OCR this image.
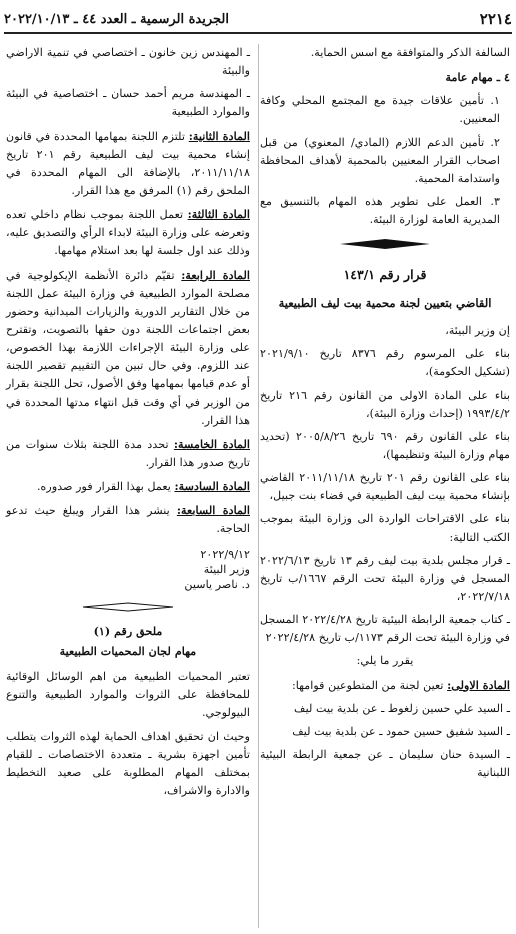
٢٢١٤
الجريدة الرسمية ـ العدد ٤٤ ـ ٢٠٢٢/١٠/١٣

السالفة الذكر والمتوافقة مع اسس الحماية.

٤ ـ مهام عامة

١. تأمين علاقات جيدة مع المجتمع المحلي وكافة المعنيين.

٢. تأمين الدعم اللازم (المادي/ المعنوي) من قبل اصحاب القرار المعنيين بالمحمية لأهداف المحافظة واستدامة المحمية.

٣. العمل على تطوير هذه المهام بالتنسيق مع المديرية العامة لوزارة البيئة.

قرار رقم ١٤٣/١

القاضي بتعيين لجنة محمية بيت ليف الطبيعية

إن وزير البيئة،

بناء على المرسوم رقم ٨٣٧٦ تاريخ ٢٠٢١/٩/١٠ (تشكيل الحكومة)،

بناء على المادة الاولى من القانون رقم ٢١٦ تاريخ ١٩٩٣/٤/٢ (إحداث وزارة البيئة)،

بناء على القانون رقم ٦٩٠ تاريخ ٢٠٠٥/٨/٢٦ (تحديد مهام وزارة البيئة وتنظيمها)،

بناء على القانون رقم ٢٠١ تاريخ ٢٠١١/١١/١٨ القاضي بإنشاء محمية بيت ليف الطبيعية في قضاء بنت جبيل،

بناء على الاقتراحات الواردة الى وزارة البيئة بموجب الكتب التالية:

ـ قرار مجلس بلدية بيت ليف رقم ١٣ تاريخ ٢٠٢٢/٦/١٣ المسجل في وزارة البيئة تحت الرقم ١٦٦٧/ب تاريخ ٢٠٢٢/٧/١٨،

ـ كتاب جمعية الرابطة البيئية تاريخ ٢٠٢٢/٤/٢٨ المسجل في وزارة البيئة تحت الرقم ١١٧٣/ب تاريخ ٢٠٢٢/٤/٢٨

يقرر ما يلي:

المادة الاولى: تعين لجنة من المتطوعين قوامها:

ـ السيد علي حسين زلغوط ـ عن بلدية بيت ليف

ـ السيد شفيق حسين حمود ـ عن بلدية بيت ليف

ـ السيدة حنان سليمان ـ عن جمعية الرابطة البيئية اللبنانية

ـ المهندس زين خانون ـ اختصاصي في تنمية الاراضي والبيئة

ـ المهندسة مريم أحمد حسان ـ اختصاصية في البيئة والموارد الطبيعية

المادة الثانية: تلتزم اللجنة بمهامها المحددة في قانون إنشاء محمية بيت ليف الطبيعية رقم ٢٠١ تاريخ ٢٠١١/١١/١٨، بالإضافة الى المهام المحددة في الملحق رقم (١) المرفق مع هذا القرار.

المادة الثالثة: تعمل اللجنة بموجب نظام داخلي تعده وتعرضه على وزارة البيئة لابداء الرأي والتصديق عليه، وذلك عند اول جلسة لها بعد استلام مهامها.

المادة الرابعة: تقيّم دائرة الأنظمة الإيكولوجية في مصلحة الموارد الطبيعية في وزارة البيئة عمل اللجنة من خلال التقارير الدورية والزيارات الميدانية وحضور بعض اجتماعات اللجنة دون حقها بالتصويت، وتقترح على وزارة البيئة الإجراءات اللازمة بهذا الخصوص، عند اللزوم. وفي حال تبين من التقييم تقصير اللجنة أو عدم قيامها بمهامها وفق الأصول، تحل اللجنة بقرار من الوزير في أي وقت قبل انتهاء مدتها المحددة في هذا القرار.

المادة الخامسة: تحدد مدة اللجنة بثلاث سنوات من تاريخ صدور هذا القرار.

المادة السادسة: يعمل بهذا القرار فور صدوره.

المادة السابعة: ينشر هذا القرار ويبلغ حيث تدعو الحاجة.

٢٠٢٢/٩/١٢
وزير البيئة
د. ناصر ياسين

ملحق رقم (١)

مهام لجان المحميات الطبيعية

تعتبر المحميات الطبيعية من اهم الوسائل الوقائية للمحافظة على الثروات والموارد الطبيعية والتنوع البيولوجي.

وحيث ان تحقيق اهداف الحماية لهذه الثروات يتطلب تأمين اجهزة بشرية ـ متعددة الاختصاصات ـ للقيام بمختلف المهام المطلوبة على صعيد التخطيط والادارة والاشراف،
